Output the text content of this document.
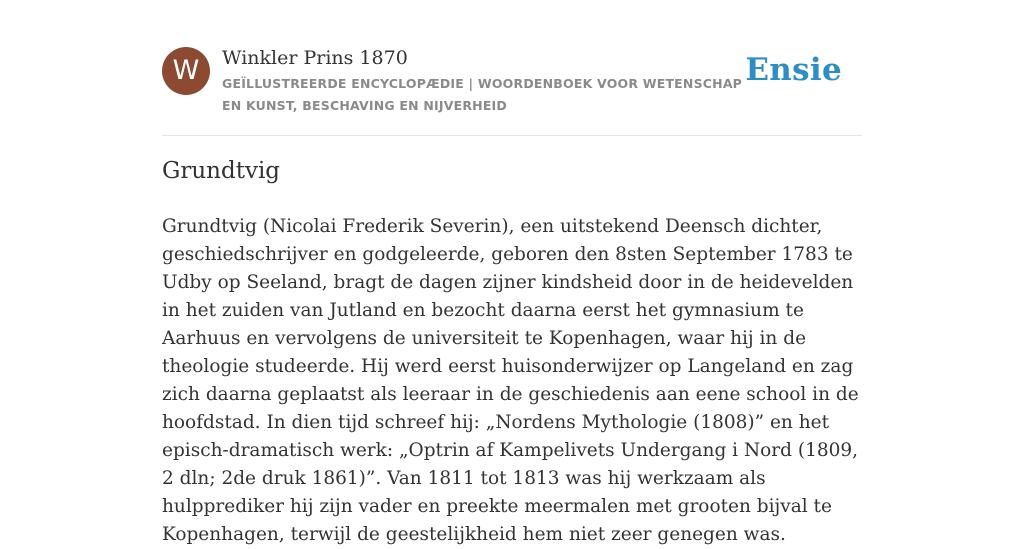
W	Winkler Prins 1870
GEÏLLUSTREERDE ENCYCLOPÆDIE | WOORDENBOEK VOOR WETENSCHAP EN KUNST, BESCHAVING EN NIJVERHEID
Ensie
Grundtvig

Grundtvig (Nicolai Frederik Severin), een uitstekend Deensch dichter, geschiedschrijver en godgeleerde, geboren den 8sten September 1783 te Udby op Seeland, bragt de dagen zijner kindsheid door in de heidevelden in het zuiden van Jutland en bezocht daarna eerst het gymnasium te Aarhuus en vervolgens de universiteit te Kopenhagen, waar hij in de theologie studeerde. Hij werd eerst huisonderwijzer op Langeland en zag zich daarna geplaatst als leeraar in de geschiedenis aan eene school in de hoofdstad. In dien tijd schreef hij: „Nordens Mythologie (1808)” en het episch-dramatisch werk: „Optrin af Kampelivets Undergang i Nord (1809, 2 dln; 2de druk 1861)”. Van 1811 tot 1813 was hij werkzaam als hulpprediker hij zijn vader en preekte meermalen met grooten bijval te Kopenhagen, terwijl de geestelijkheid hem niet zeer genegen was.
